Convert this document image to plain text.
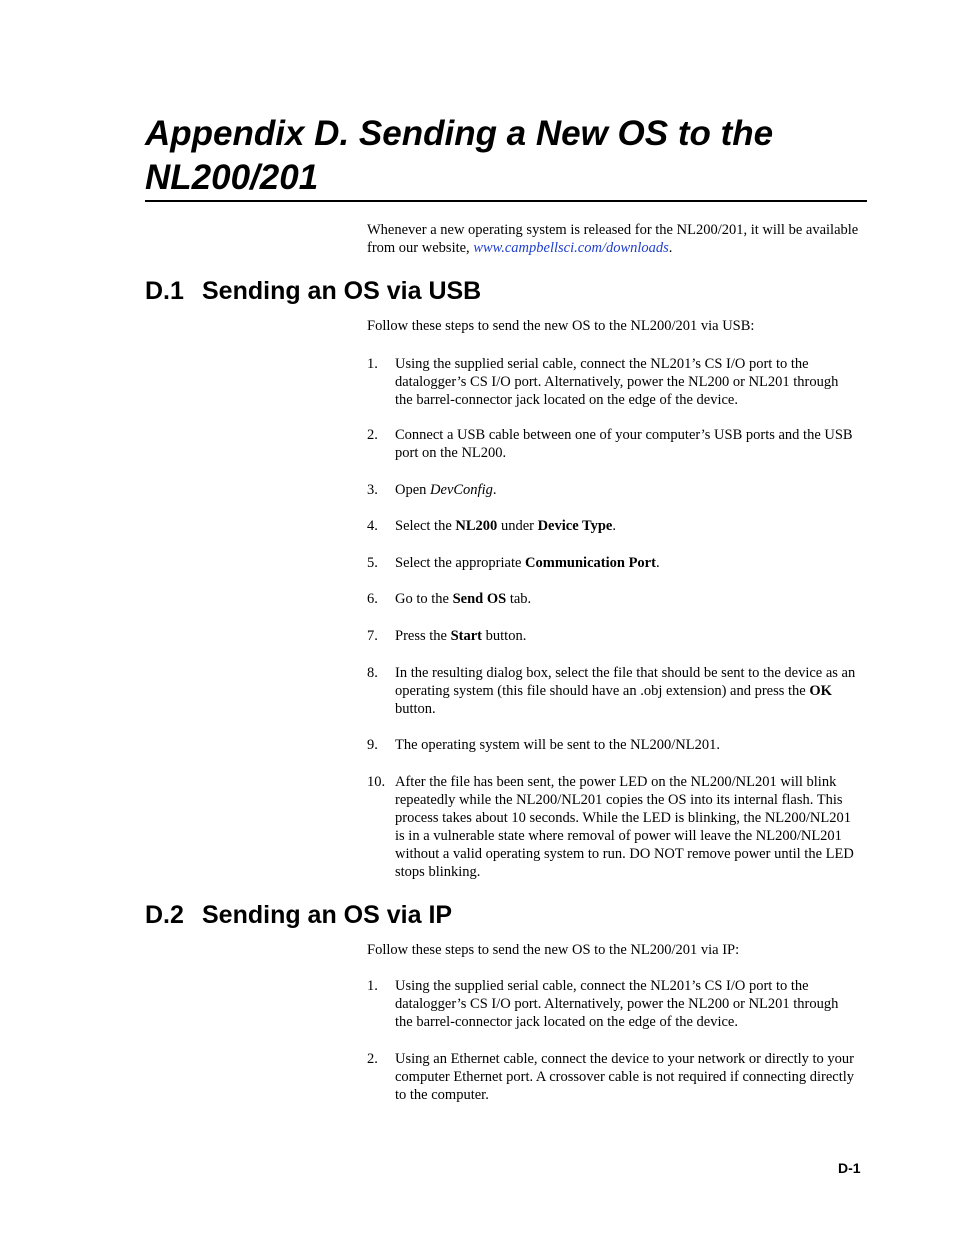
Appendix D. Sending a New OS to the NL200/201

Whenever a new operating system is released for the NL200/201, it will be available from our website, www.campbellsci.com/downloads.

D.1 Sending an OS via USB

Follow these steps to send the new OS to the NL200/201 via USB:

1. Using the supplied serial cable, connect the NL201’s CS I/O port to the datalogger’s CS I/O port. Alternatively, power the NL200 or NL201 through the barrel-connector jack located on the edge of the device.
2. Connect a USB cable between one of your computer’s USB ports and the USB port on the NL200.
3. Open DevConfig.
4. Select the NL200 under Device Type.
5. Select the appropriate Communication Port.
6. Go to the Send OS tab.
7. Press the Start button.
8. In the resulting dialog box, select the file that should be sent to the device as an operating system (this file should have an .obj extension) and press the OK button.
9. The operating system will be sent to the NL200/NL201.
10. After the file has been sent, the power LED on the NL200/NL201 will blink repeatedly while the NL200/NL201 copies the OS into its internal flash. This process takes about 10 seconds. While the LED is blinking, the NL200/NL201 is in a vulnerable state where removal of power will leave the NL200/NL201 without a valid operating system to run. DO NOT remove power until the LED stops blinking.
D.2 Sending an OS via IP

Follow these steps to send the new OS to the NL200/201 via IP:

1. Using the supplied serial cable, connect the NL201’s CS I/O port to the datalogger’s CS I/O port. Alternatively, power the NL200 or NL201 through the barrel-connector jack located on the edge of the device.
2. Using an Ethernet cable, connect the device to your network or directly to your computer Ethernet port. A crossover cable is not required if connecting directly to the computer.
D-1
